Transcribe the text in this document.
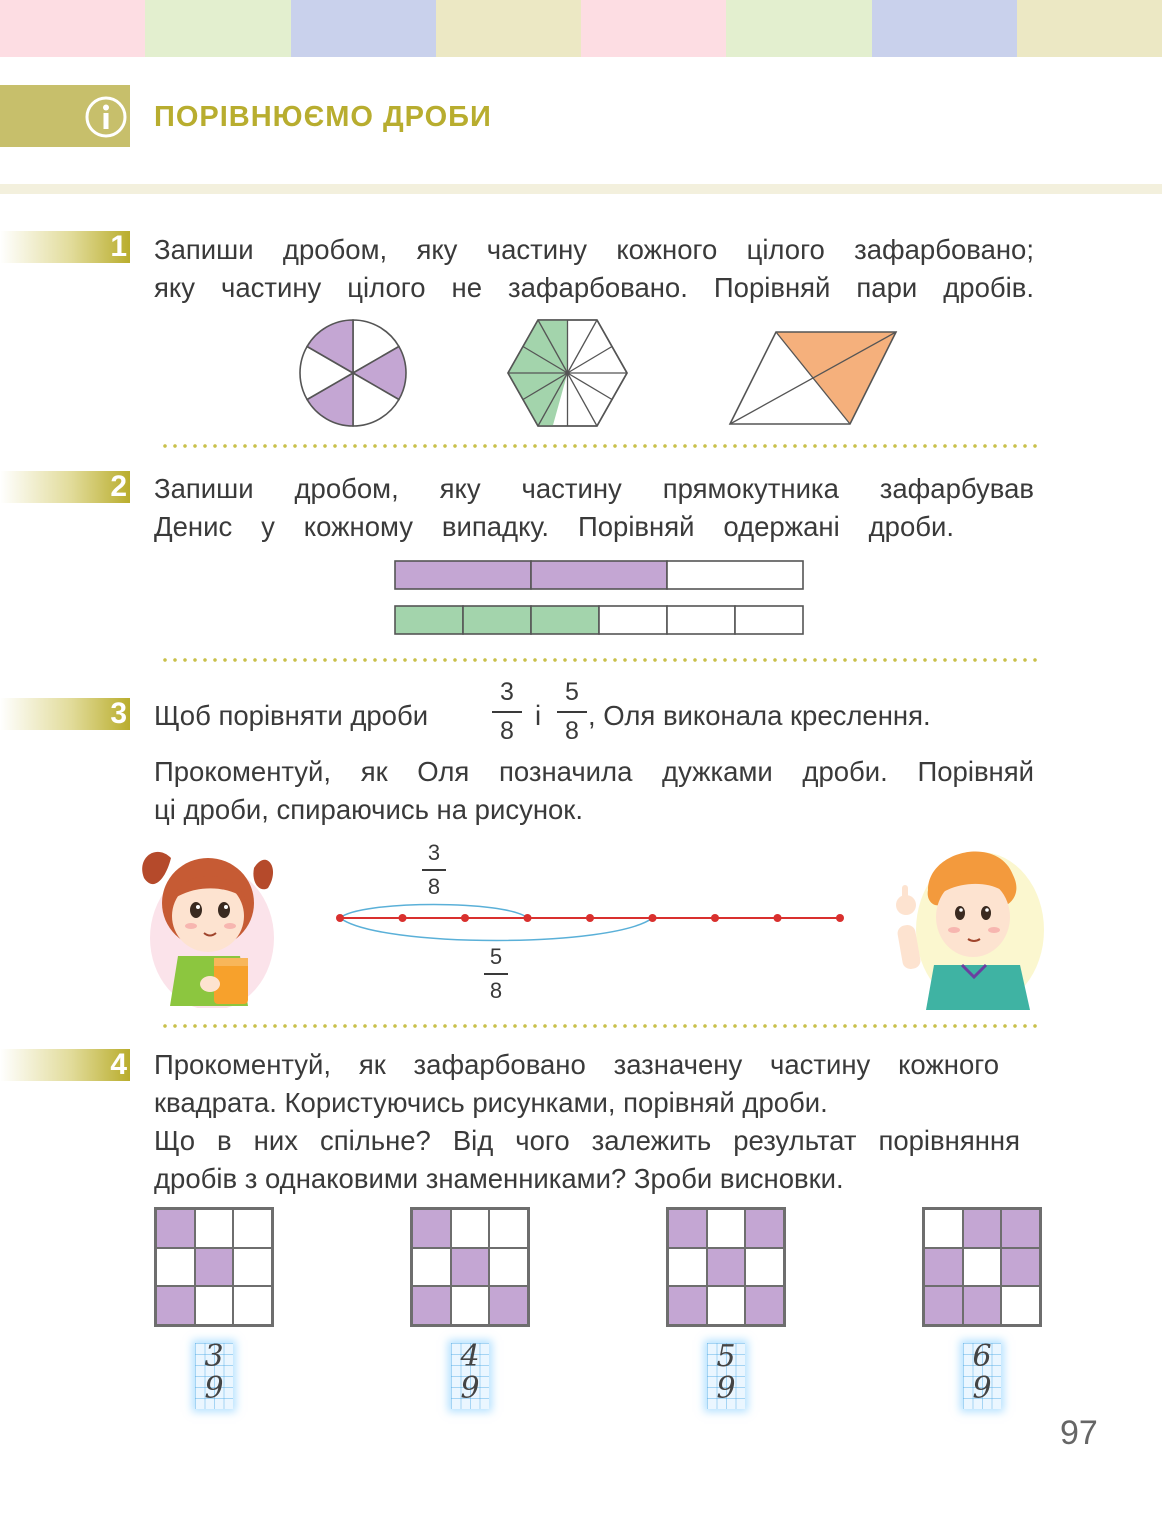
ПОРІВНЮЄМО ДРОБИ
1 Запиши дробом, яку частину кожного цілого зафарбовано;
яку частину цілого не зафарбовано. Порівняй пари дробів.
2 Запиши дробом, яку частину прямокутника зафарбував
Денис у кожному випадку. Порівняй одержані дроби.
3 Щоб порівняти дроби
3
8 і
5
8 , Оля виконала креслення.
Прокоментуй, як Оля позначила дужками дроби. Порівняй
ці дроби, спираючись на рисунок.
3
8
5
8
4 Прокоментуй, як зафарбовано зазначену частину кожного
квадрата. Користуючись рисунками, порівняй дроби.
Що в них спільне? Від чого залежить результат порівняння
дробів з однаковими знаменниками? Зроби висновки.
3
9
4
9
5
9
6
9
97
